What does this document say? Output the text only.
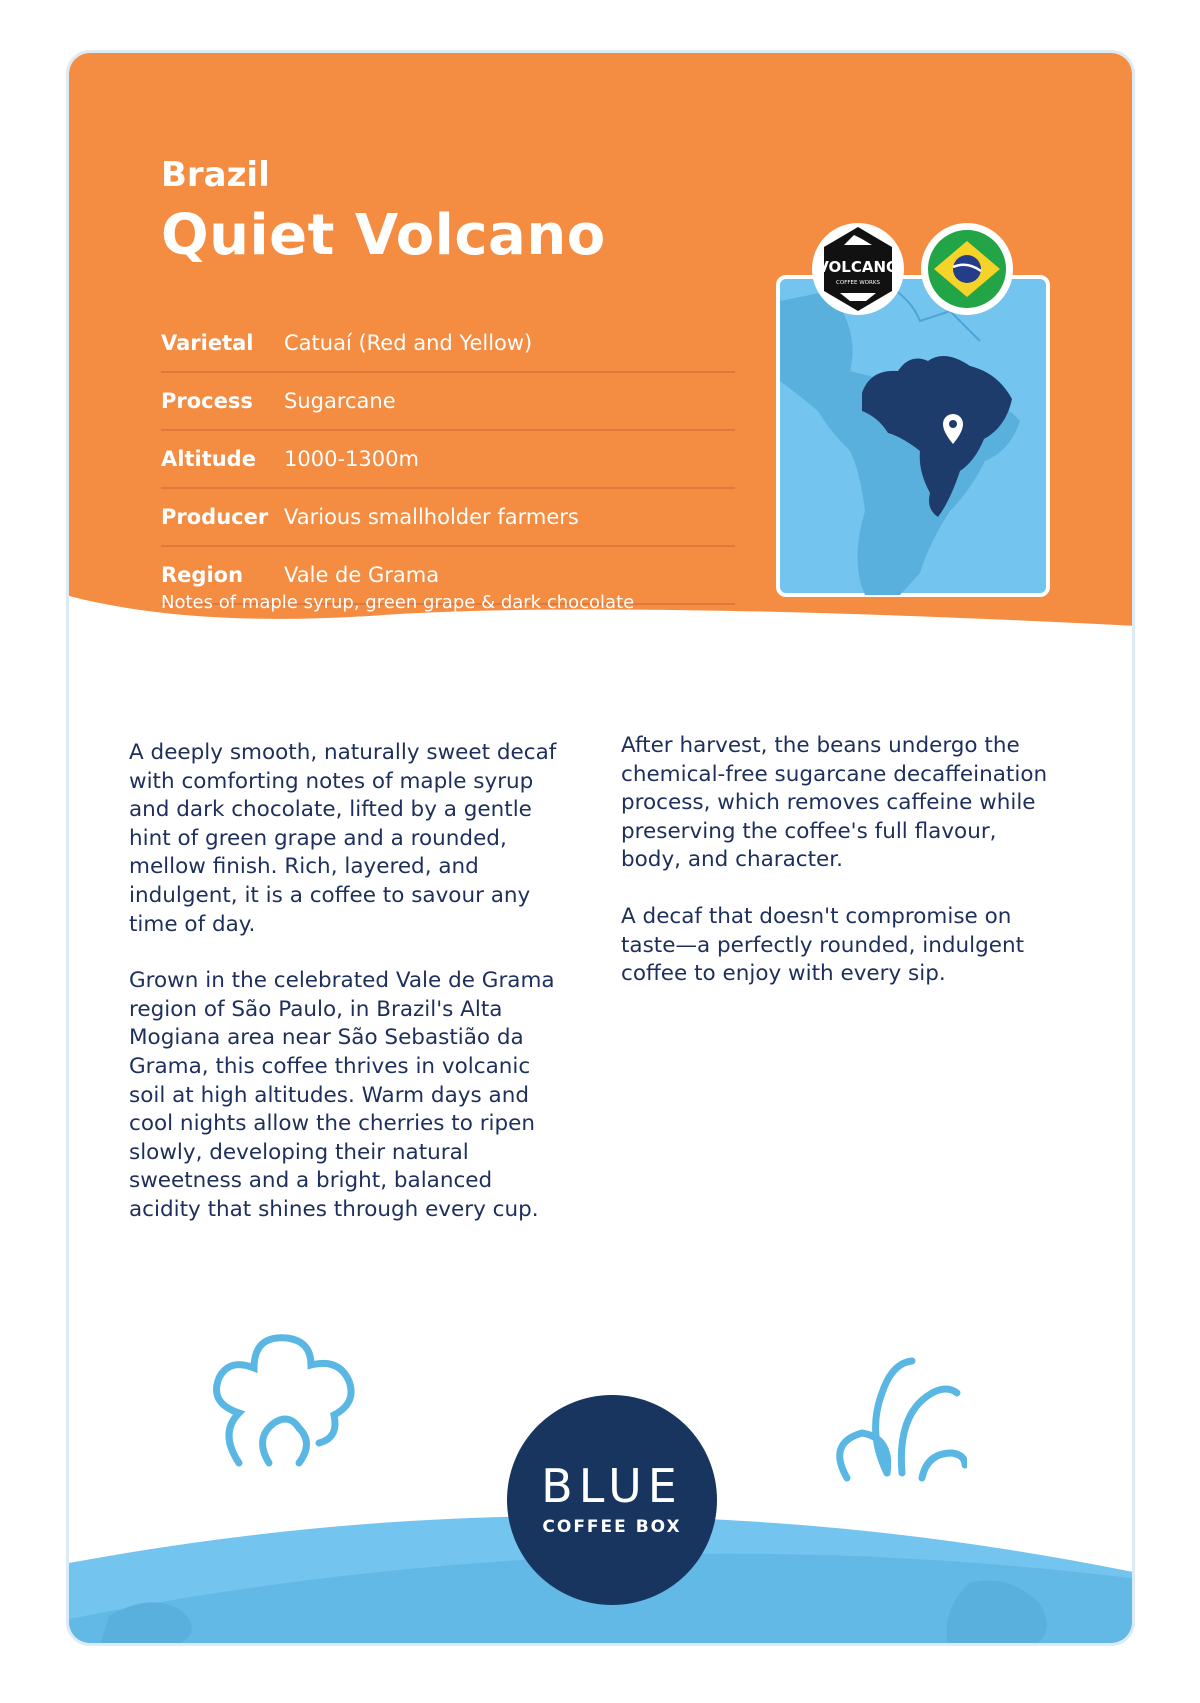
Brazil
Quiet Volcano
Varietal	Catuaí (Red and Yellow)
Process	Sugarcane
Altitude	1000-1300m
Producer Various smallholder farmers
Region	Vale de Grama
Notes of maple syrup, green grape & dark chocolate
VOLCANO
COFFEE WORKS

A deeply smooth, naturally sweet decaf with comforting notes of maple syrup and dark chocolate, lifted by a gentle hint of green grape and a rounded, mellow finish. Rich, layered, and indulgent, it is a coffee to savour any time of day.

Grown in the celebrated Vale de Grama region of São Paulo, in Brazil's Alta Mogiana area near São Sebastião da Grama, this coffee thrives in volcanic soil at high altitudes. Warm days and cool nights allow the cherries to ripen slowly, developing their natural sweetness and a bright, balanced acidity that shines through every cup.

After harvest, the beans undergo the chemical-free sugarcane decaffeination process, which removes caffeine while preserving the coffee's full flavour, body, and character.

A decaf that doesn't compromise on taste—a perfectly rounded, indulgent coffee to enjoy with every sip.

BLUE
COFFEE BOX
